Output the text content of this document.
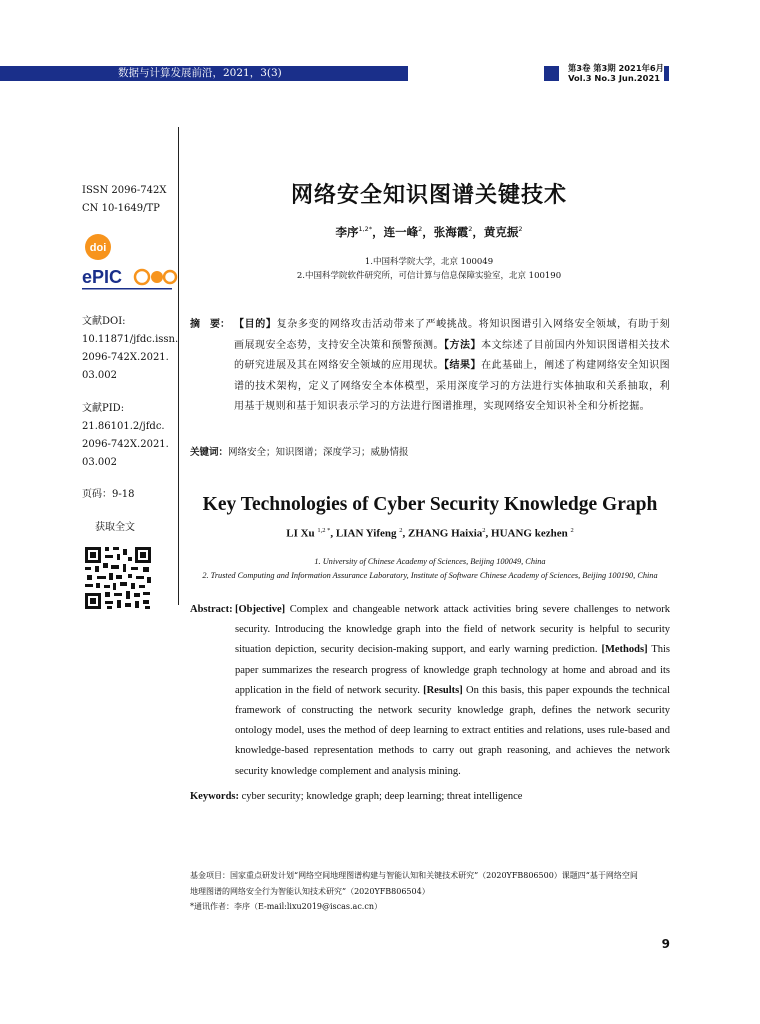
数据与计算发展前沿，2021，3(3)	第3卷 第3期 2021年6月
Vol.3 No.3 Jun.2021
ISSN 2096-742X
CN 10-1649/TP
doi
ePIC
文献DOI:
10.11871/jfdc.issn.
2096-742X.2021.
03.002
文献PID:
21.86101.2/jfdc.
2096-742X.2021.
03.002
页码：9-18
获取全文
网络安全知识图谱关键技术
李序$^{1,2*}$，连一峰$^2$，张海霞$^2$，黄克振$^2$
1.中国科学院大学，北京 100049
2.中国科学院软件研究所，可信计算与信息保障实验室，北京 100190
摘　要： 【目的】复杂多变的网络攻击活动带来了严峻挑战。将知识图谱引入网络安全领域，有助于刻画展现安全态势，支持安全决策和预警预测。【方法】本文综述了目前国内外知识图谱相关技术的研究进展及其在网络安全领域的应用现状。【结果】在此基础上，阐述了构建网络安全知识图谱的技术架构，定义了网络安全本体模型，采用深度学习的方法进行实体抽取和关系抽取，利用基于规则和基于知识表示学习的方法进行图谱推理，实现网络安全知识补全和分析挖掘。
关键词：网络安全；知识图谱；深度学习；威胁情报
Key Technologies of Cyber Security Knowledge Graph
LI Xu $^{1,2 *}$, LIAN Yifeng $^2$, ZHANG Haixia$^2$, HUANG kezhen $^2$
1. University of Chinese Academy of Sciences, Beijing 100049, China
2. Trusted Computing and Information Assurance Laboratory, Institute of Software Chinese Academy of Sciences, Beijing 100190, China
Abstract: [Objective] Complex and changeable network attack activities bring severe challenges to network security. Introducing the knowledge graph into the field of network security is helpful to security situation depiction, security decision-making support, and early warning prediction. [Methods] This paper summarizes the research progress of knowledge graph technology at home and abroad and its application in the field of network security. [Results] On this basis, this paper expounds the technical framework of constructing the network security knowledge graph, defines the network security ontology model, uses the method of deep learning to extract entities and relations, uses rule-based and knowledge-based representation methods to carry out graph reasoning, and achieves the network security knowledge complement and analysis mining.
Keywords: cyber security; knowledge graph; deep learning; threat intelligence
基金项目：国家重点研发计划“网络空间地理图谱构建与智能认知和关键技术研究”（2020YFB806500）课题四“基于网络空间
地理图谱的网络安全行为智能认知技术研究”（2020YFB806504）
*通讯作者：李序（E-mail:lixu2019@iscas.ac.cn）
9
